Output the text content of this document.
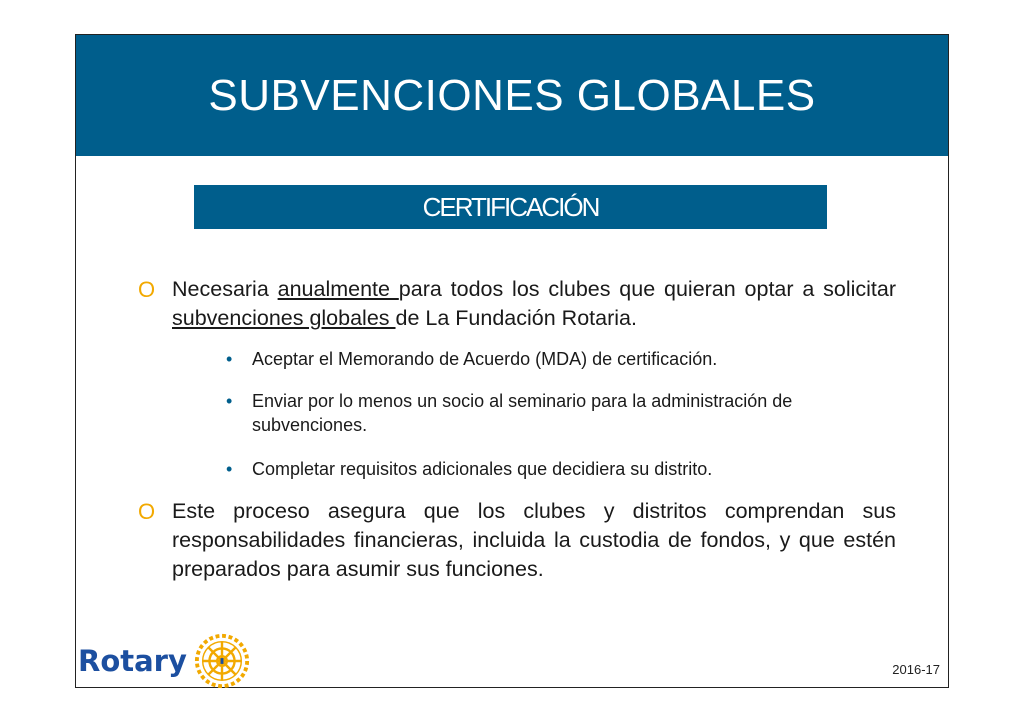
SUBVENCIONES GLOBALES
CERTIFICACIÓN
O Necesaria anualmente para todos los clubes que quieran optar a solicitar subvenciones globales de La Fundación Rotaria.
• Aceptar el Memorando de Acuerdo (MDA) de certificación.
• Enviar por lo menos un socio al seminario para la administración de subvenciones.
• Completar requisitos adicionales que decidiera su distrito.
O Este proceso asegura que los clubes y distritos comprendan sus responsabilidades financieras, incluida la custodia de fondos, y que estén preparados para asumir sus funciones.
Rotary	2016-17
